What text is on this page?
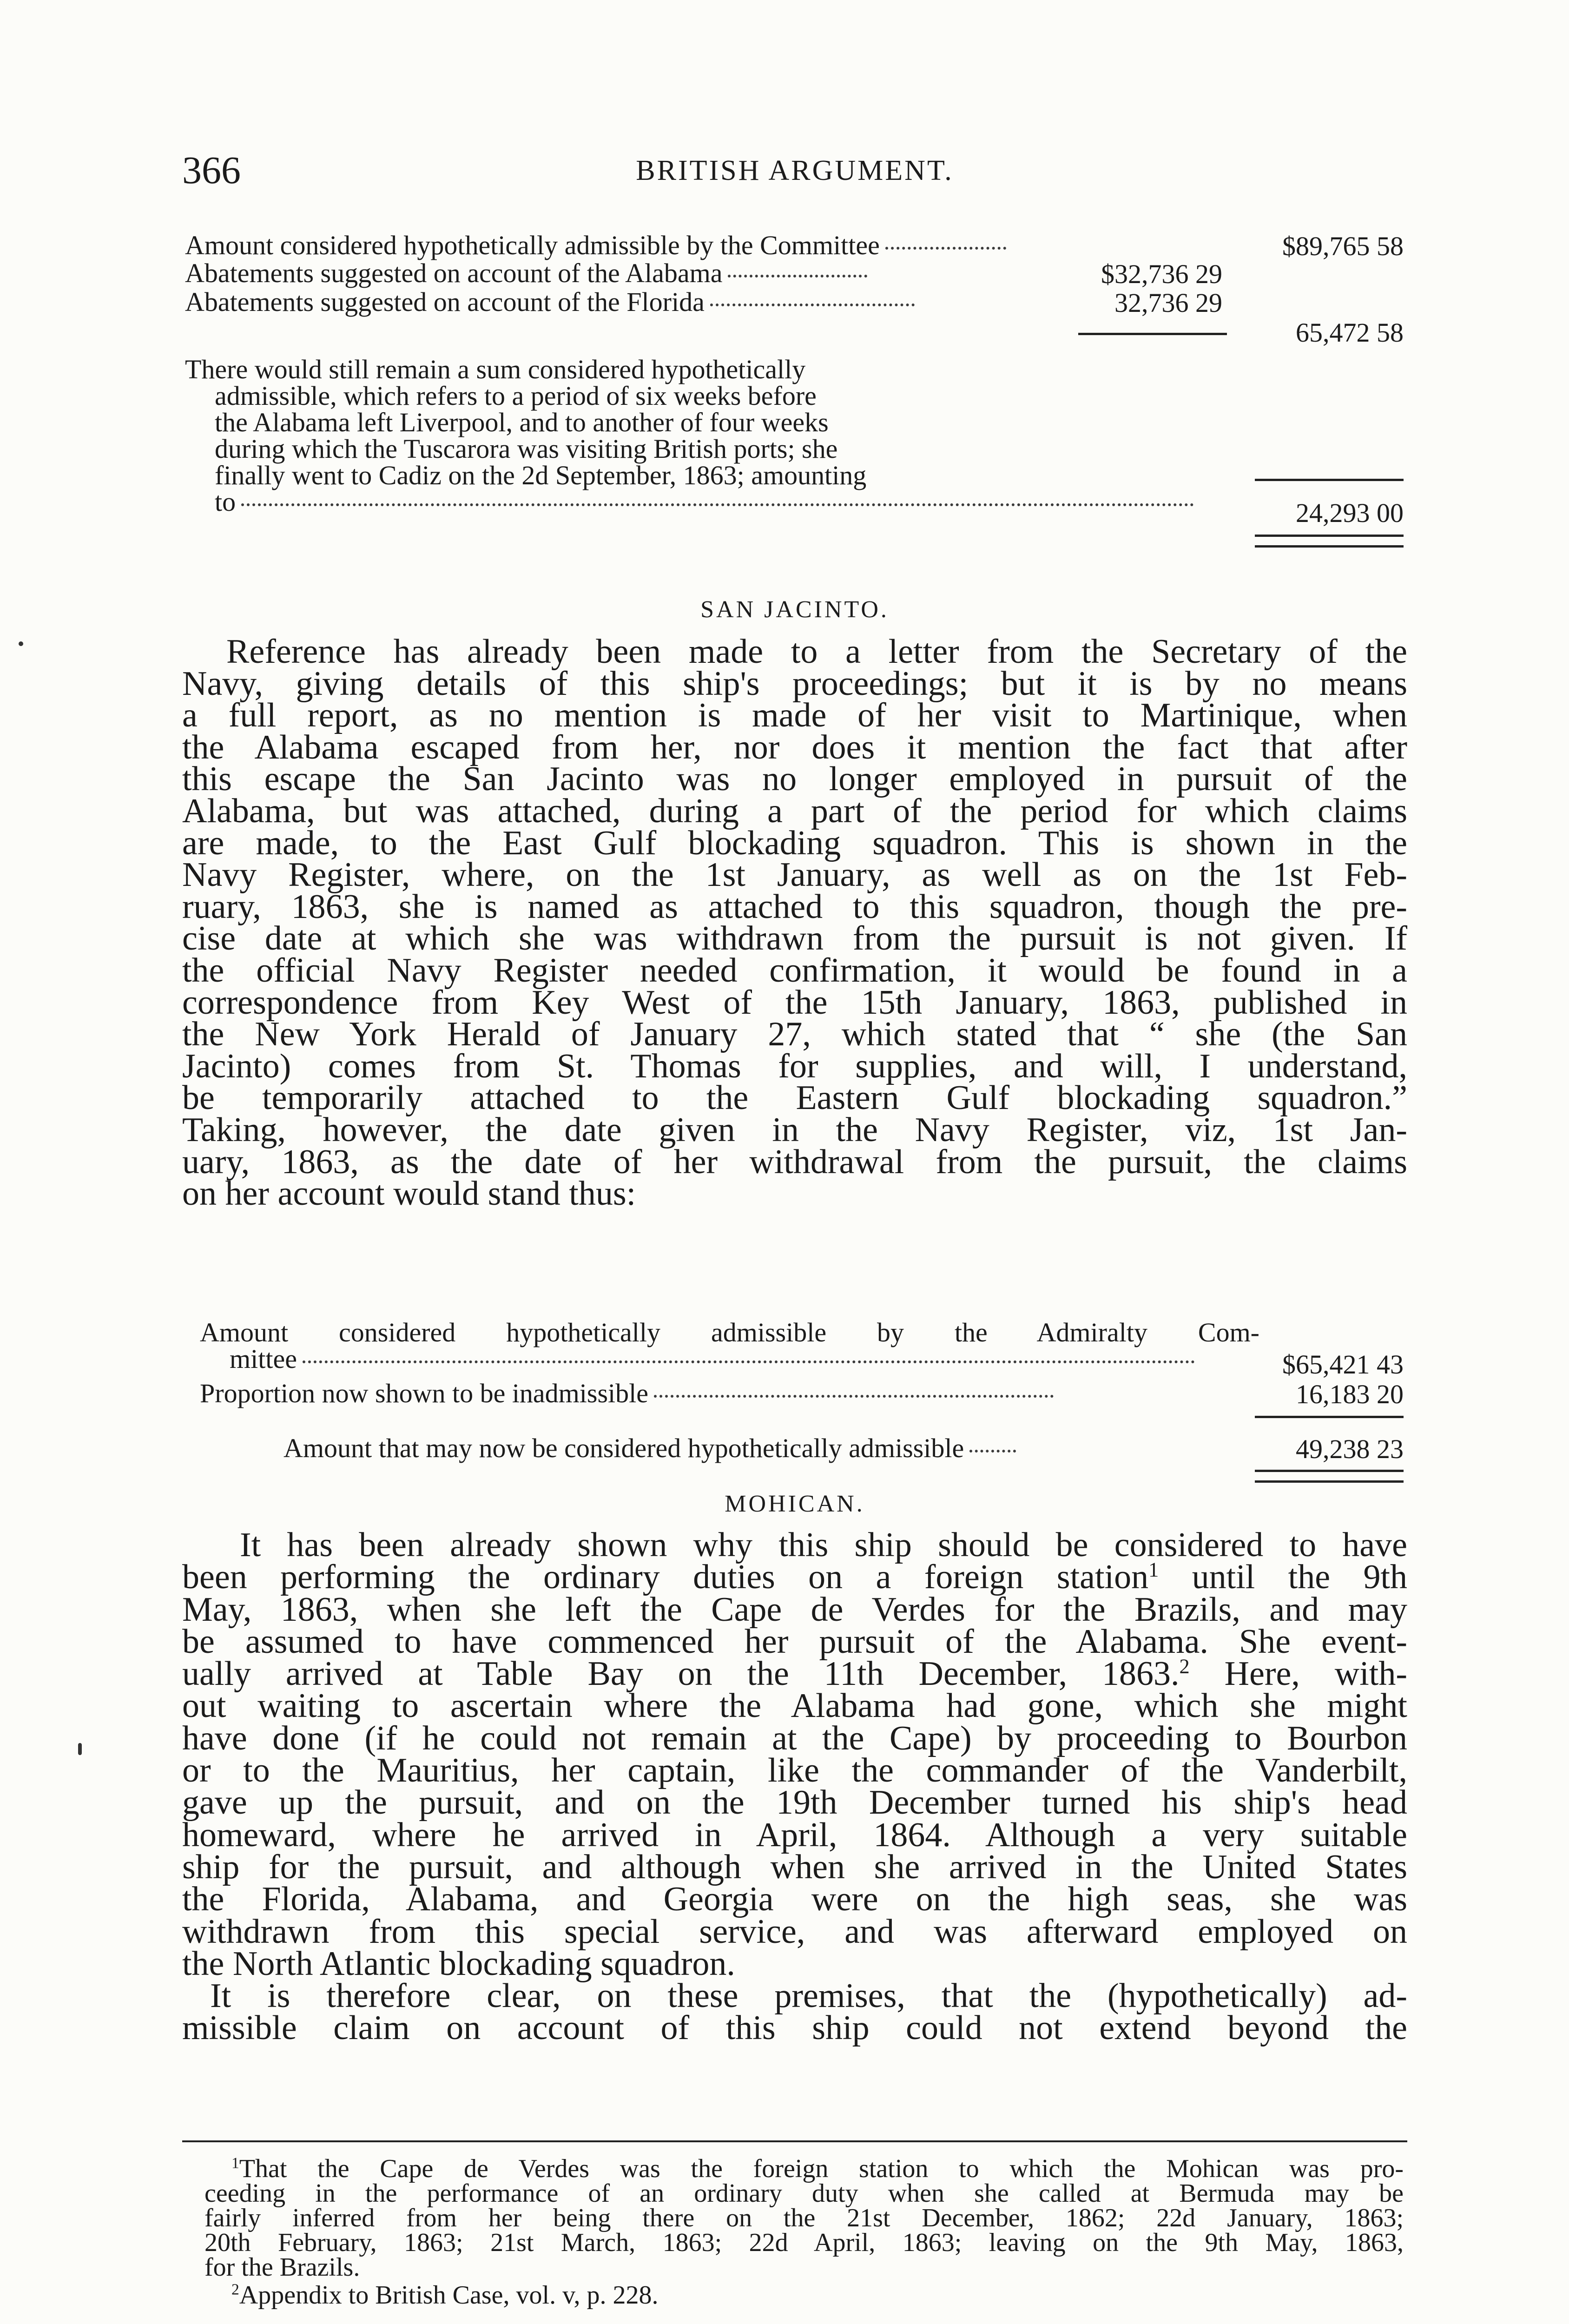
366	BRITISH ARGUMENT.
Amount considered hypothetically admissible by the Committee	$89,765 58
Abatements suggested on account of the Alabama	$32,736 29
Abatements suggested on account of the Florida	32,736 29
65,472 58
There would still remain a sum considered hypothetically
admissible, which refers to a period of six weeks before
the Alabama left Liverpool, and to another of four weeks
during which the Tuscarora was visiting British ports; she
finally went to Cadiz on the 2d September, 1863; amounting
to	24,293 00
SAN JACINTO.
Reference has already been made to a letter from the Secretary of the
Navy, giving details of this ship's proceedings; but it is by no means
a full report, as no mention is made of her visit to Martinique, when
the Alabama escaped from her, nor does it mention the fact that after
this escape the San Jacinto was no longer employed in pursuit of the
Alabama, but was attached, during a part of the period for which claims
are made, to the East Gulf blockading squadron. This is shown in the
Navy Register, where, on the 1st January, as well as on the 1st Feb-
ruary, 1863, she is named as attached to this squadron, though the pre-
cise date at which she was withdrawn from the pursuit is not given. If
the official Navy Register needed confirmation, it would be found in a
correspondence from Key West of the 15th January, 1863, published in
the New York Herald of January 27, which stated that “ she (the San
Jacinto) comes from St. Thomas for supplies, and will, I understand,
be temporarily attached to the Eastern Gulf blockading squadron.”
Taking, however, the date given in the Navy Register, viz, 1st Jan-
uary, 1863, as the date of her withdrawal from the pursuit, the claims
on her account would stand thus:
Amount considered hypothetically admissible by the Admiralty Com-
mittee	$65,421 43
Proportion now shown to be inadmissible	16,183 20
Amount that may now be considered hypothetically admissible	49,238 23
MOHICAN.
It has been already shown why this ship should be considered to have
been performing the ordinary duties on a foreign station$^1$ until the 9th
May, 1863, when she left the Cape de Verdes for the Brazils, and may
be assumed to have commenced her pursuit of the Alabama. She event-
ually arrived at Table Bay on the 11th December, 1863.$^2$ Here, with-
out waiting to ascertain where the Alabama had gone, which she might
have done (if he could not remain at the Cape) by proceeding to Bourbon
or to the Mauritius, her captain, like the commander of the Vanderbilt,
gave up the pursuit, and on the 19th December turned his ship's head
homeward, where he arrived in April, 1864. Although a very suitable
ship for the pursuit, and although when she arrived in the United States
the Florida, Alabama, and Georgia were on the high seas, she was
withdrawn from this special service, and was afterward employed on
the North Atlantic blockading squadron.
It is therefore clear, on these premises, that the (hypothetically) ad-
missible claim on account of this ship could not extend beyond the
$^1$That the Cape de Verdes was the foreign station to which the Mohican was pro-
ceeding in the performance of an ordinary duty when she called at Bermuda may be
fairly inferred from her being there on the 21st December, 1862; 22d January, 1863;
20th February, 1863; 21st March, 1863; 22d April, 1863; leaving on the 9th May, 1863,
for the Brazils.
$^2$Appendix to British Case, vol. v, p. 228.
